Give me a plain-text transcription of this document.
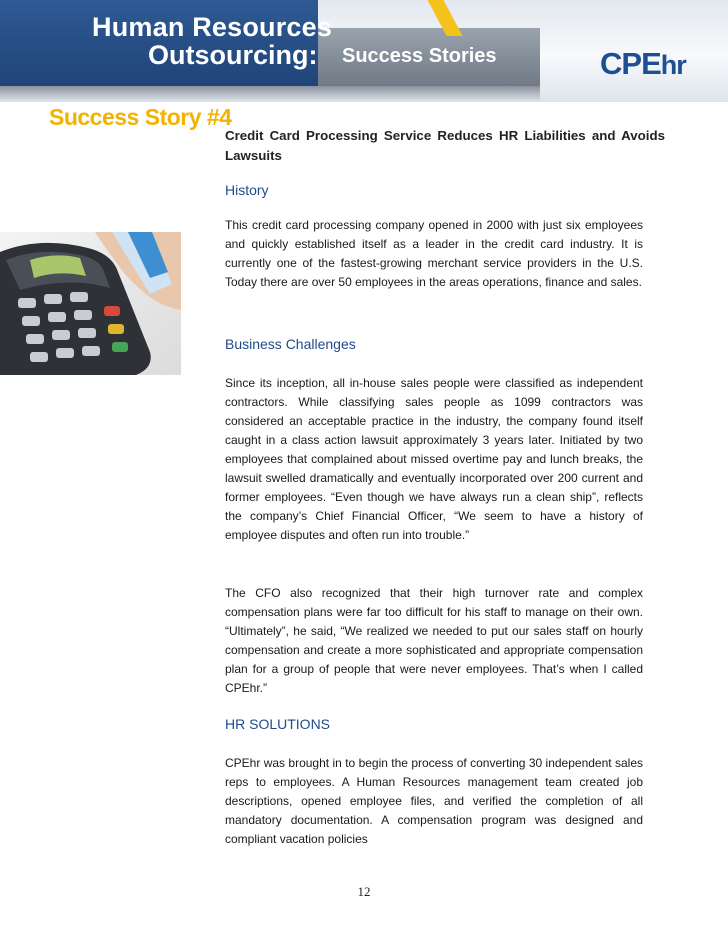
Human Resources
Outsourcing: Success Stories	CPEhr
Success Story #4
Credit Card Processing Service Reduces HR Liabilities and Avoids Lawsuits
History
This credit card processing company opened in 2000 with just six employees and quickly established itself as a leader in the credit card industry. It is currently one of the fastest-growing merchant service providers in the U.S. Today there are over 50 employees in the areas operations, finance and sales.
Business Challenges
Since its inception, all in-house sales people were classified as independent contractors. While classifying sales people as 1099 contractors was considered an acceptable practice in the industry, the company found itself caught in a class action lawsuit approximately 3 years later. Initiated by two employees that complained about missed overtime pay and lunch breaks, the lawsuit swelled dramatically and eventually incorporated over 200 current and former employees. “Even though we have always run a clean ship”, reflects the company’s Chief Financial Officer, “We seem to have a history of employee disputes and often run into trouble.”
The CFO also recognized that their high turnover rate and complex compensation plans were far too difficult for his staff to manage on their own. “Ultimately”, he said, “We realized we needed to put our sales staff on hourly compensation and create a more sophisticated and appropriate compensation plan for a group of people that were never employees. That’s when I called CPEhr.”
HR SOLUTIONS
CPEhr was brought in to begin the process of converting 30 independent sales reps to employees. A Human Resources management team created job descriptions, opened employee files, and verified the completion of all mandatory documentation. A compensation program was designed and compliant vacation policies
12
